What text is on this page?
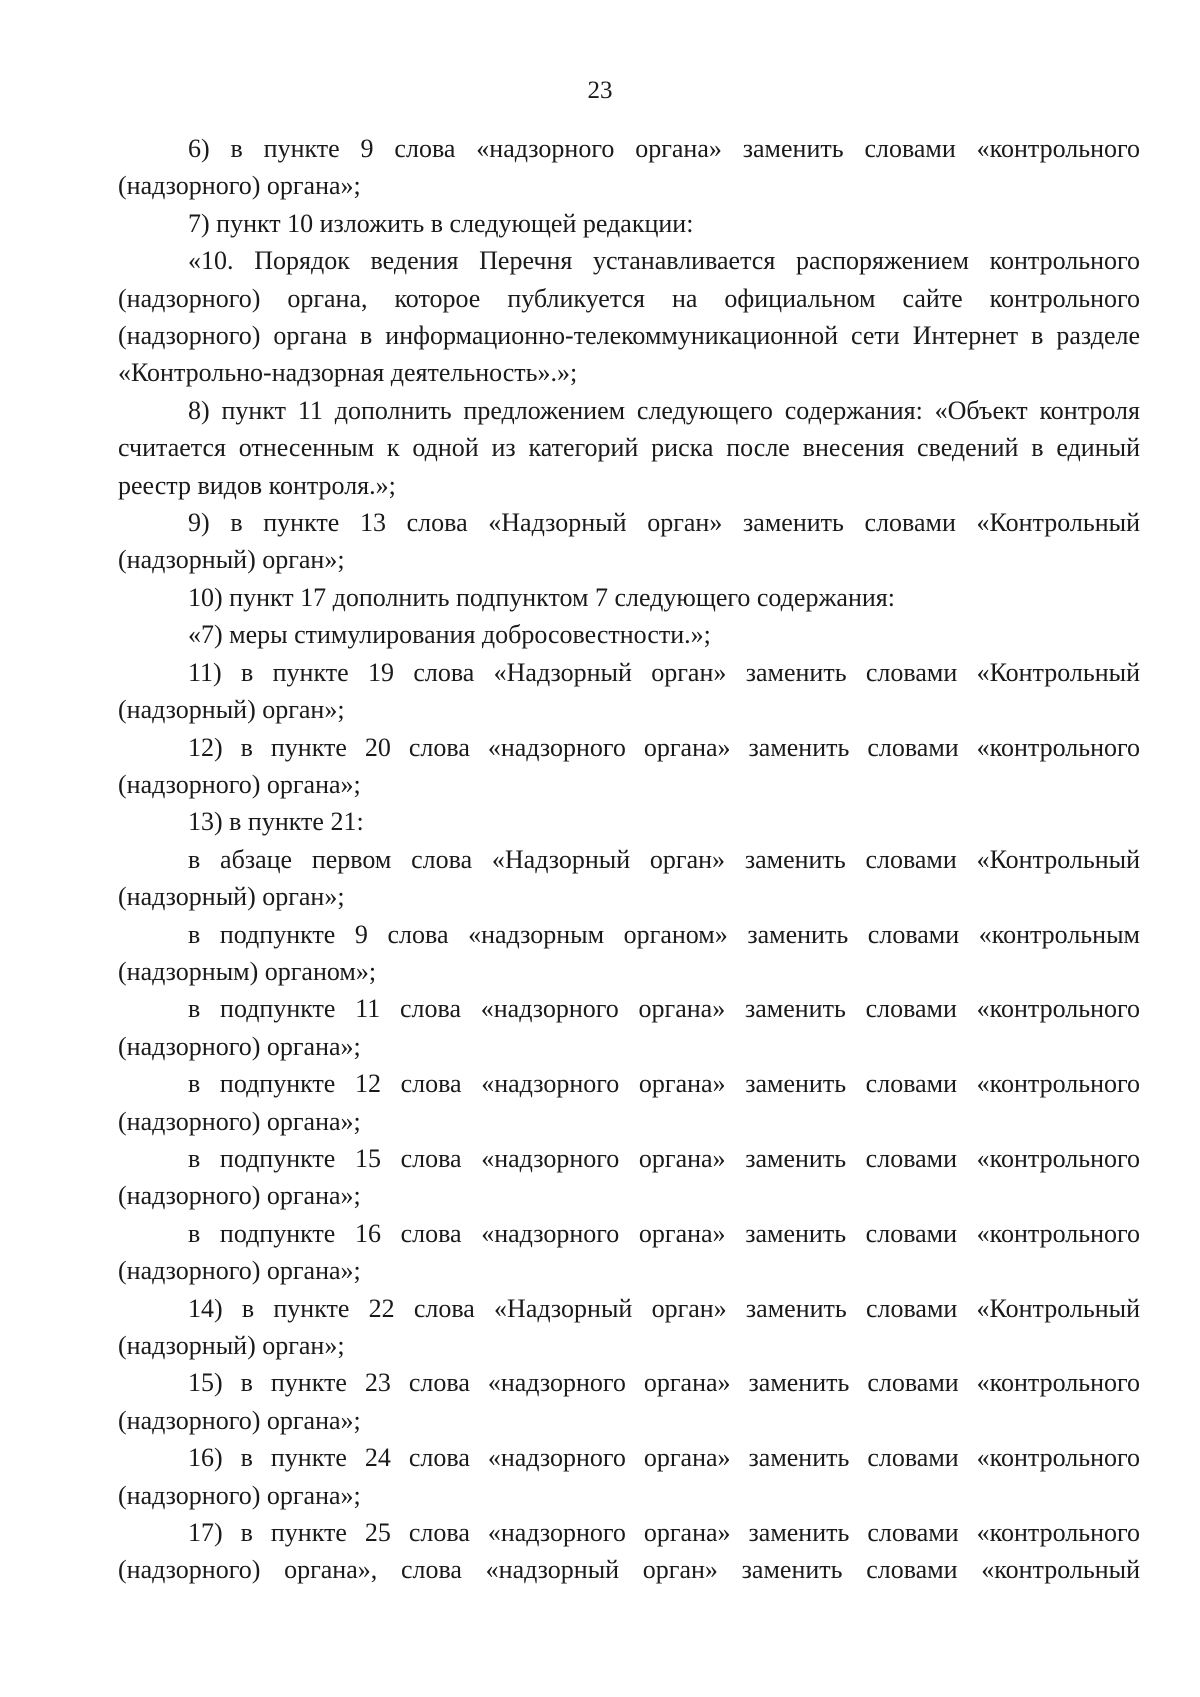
23

6) в пункте 9 слова «надзорного органа» заменить словами «контрольного (надзорного) органа»;

7) пункт 10 изложить в следующей редакции:

«10. Порядок ведения Перечня устанавливается распоряжением контрольного (надзорного) органа, которое публикуется на официальном сайте контрольного (надзорного) органа в информационно-телекоммуникационной сети Интернет в разделе «Контрольно-надзорная деятельность».»;

8) пункт 11 дополнить предложением следующего содержания: «Объект контроля считается отнесенным к одной из категорий риска после внесения сведений в единый реестр видов контроля.»;

9) в пункте 13 слова «Надзорный орган» заменить словами «Контрольный (надзорный) орган»;

10) пункт 17 дополнить подпунктом 7 следующего содержания:

«7) меры стимулирования добросовестности.»;

11) в пункте 19 слова «Надзорный орган» заменить словами «Контрольный (надзорный) орган»;

12) в пункте 20 слова «надзорного органа» заменить словами «контрольного (надзорного) органа»;

13) в пункте 21:

в абзаце первом слова «Надзорный орган» заменить словами «Контрольный (надзорный) орган»;

в подпункте 9 слова «надзорным органом» заменить словами «контрольным (надзорным) органом»;

в подпункте 11 слова «надзорного органа» заменить словами «контрольного (надзорного) органа»;

в подпункте 12 слова «надзорного органа» заменить словами «контрольного (надзорного) органа»;

в подпункте 15 слова «надзорного органа» заменить словами «контрольного (надзорного) органа»;

в подпункте 16 слова «надзорного органа» заменить словами «контрольного (надзорного) органа»;

14) в пункте 22 слова «Надзорный орган» заменить словами «Контрольный (надзорный) орган»;

15) в пункте 23 слова «надзорного органа» заменить словами «контрольного (надзорного) органа»;

16) в пункте 24 слова «надзорного органа» заменить словами «контрольного (надзорного) органа»;

17) в пункте 25 слова «надзорного органа» заменить словами «контрольного (надзорного) органа», слова «надзорный орган» заменить словами «контрольный
